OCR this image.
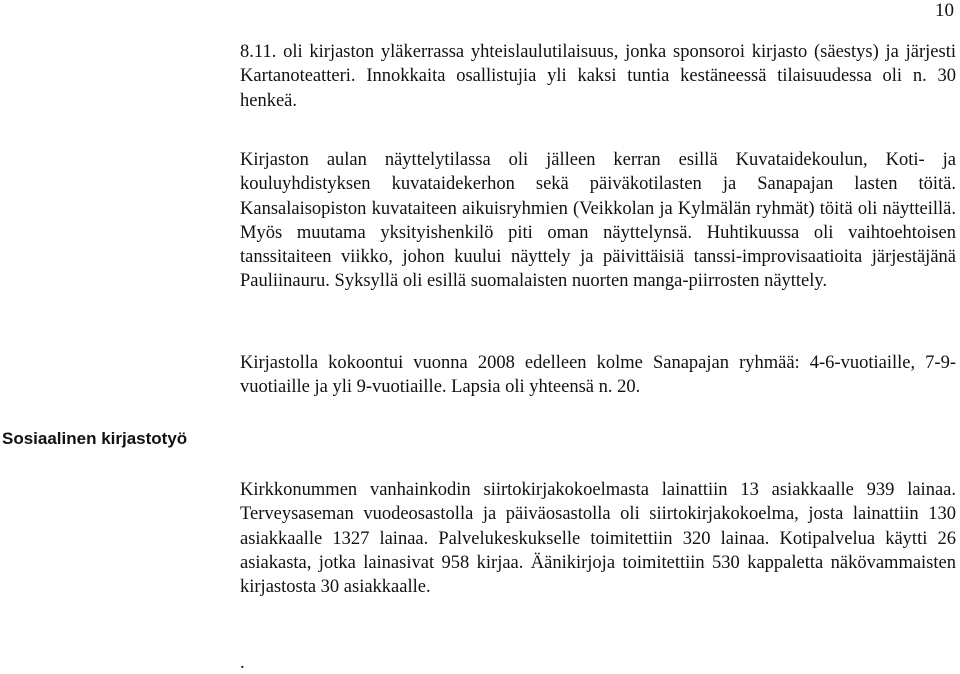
10

8.11. oli kirjaston yläkerrassa yhteislaulutilaisuus, jonka sponsoroi kirjasto (säestys) ja järjesti Kartanoteatteri. Innokkaita osallistujia yli kaksi tuntia kestäneessä tilaisuudessa oli n. 30 henkeä.

Kirjaston aulan näyttelytilassa oli jälleen kerran esillä Kuvataidekoulun, Koti- ja kouluyhdistyksen kuvataidekerhon sekä päiväkotilasten ja Sanapajan lasten töitä. Kansalaisopiston kuvataiteen aikuisryhmien (Veikkolan ja Kylmälän ryhmät) töitä oli näytteillä. Myös muutama yksityishenkilö piti oman näyttelynsä. Huhtikuussa oli vaihtoehtoisen tanssitaiteen viikko, johon kuului näyttely ja päivittäisiä tanssi-improvisaatioita järjestäjänä Pauliinauru. Syksyllä oli esillä suomalaisten nuorten manga-piirrosten näyttely.

Kirjastolla kokoontui vuonna 2008 edelleen kolme Sanapajan ryhmää: 4-6-vuotiaille, 7-9-vuotiaille ja yli 9-vuotiaille. Lapsia oli yhteensä n. 20.

Sosiaalinen kirjastotyö

Kirkkonummen vanhainkodin siirtokirjakokoelmasta lainattiin 13 asiakkaalle 939 lainaa. Terveysaseman vuodeosastolla ja päiväosastolla oli siirtokirjakokoelma, josta lainattiin 130 asiakkaalle 1327 lainaa. Palvelukeskukselle toimitettiin 320 lainaa. Kotipalvelua käytti 26 asiakasta, jotka lainasivat 958 kirjaa. Äänikirjoja toimitettiin 530 kappaletta näkövammaisten kirjastosta 30 asiakkaalle.

.
